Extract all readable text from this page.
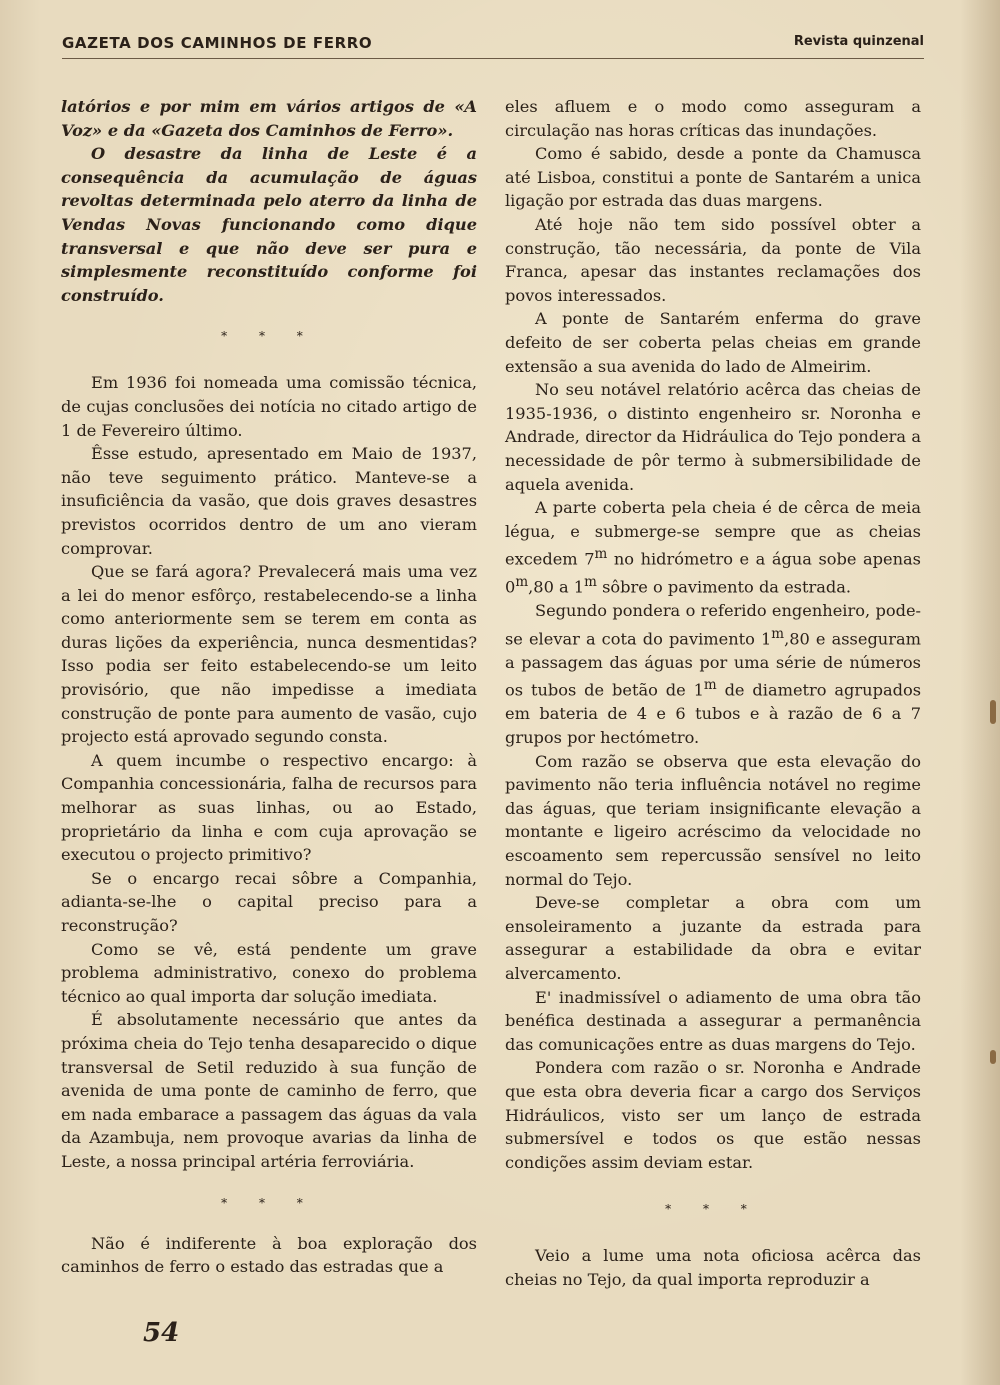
GAZETA DOS CAMINHOS DE FERRO	Revista quinzenal

latórios e por mim em vários artigos de «A Voz» e da «Gazeta dos Caminhos de Ferro».

O desastre da linha de Leste é a consequência da acumulação de águas revoltas determinada pelo aterro da linha de Vendas Novas funcionando como dique transversal e que não deve ser pura e simplesmente reconstituído conforme foi construído.

* * *

Em 1936 foi nomeada uma comissão técnica, de cujas conclusões dei notícia no citado artigo de 1 de Fevereiro último.

Êsse estudo, apresentado em Maio de 1937, não teve seguimento prático. Manteve-se a insuficiência da vasão, que dois graves desastres previstos ocorridos dentro de um ano vieram comprovar.

Que se fará agora? Prevalecerá mais uma vez a lei do menor esfôrço, restabelecendo-se a linha como anteriormente sem se terem em conta as duras lições da experiência, nunca desmentidas? Isso podia ser feito estabelecendo-se um leito provisório, que não impedisse a imediata construção de ponte para aumento de vasão, cujo projecto está aprovado segundo consta.

A quem incumbe o respectivo encargo: à Companhia concessionária, falha de recursos para melhorar as suas linhas, ou ao Estado, proprietário da linha e com cuja aprovação se executou o projecto primitivo?

Se o encargo recai sôbre a Companhia, adianta-se-lhe o capital preciso para a reconstrução?

Como se vê, está pendente um grave problema administrativo, conexo do problema técnico ao qual importa dar solução imediata.

É absolutamente necessário que antes da próxima cheia do Tejo tenha desaparecido o dique transversal de Setil reduzido à sua função de avenida de uma ponte de caminho de ferro, que em nada embarace a passagem das águas da vala da Azambuja, nem provoque avarias da linha de Leste, a nossa principal artéria ferroviária.

* * *

Não é indiferente à boa exploração dos caminhos de ferro o estado das estradas que a

eles afluem e o modo como asseguram a circulação nas horas críticas das inundações.

Como é sabido, desde a ponte da Chamusca até Lisboa, constitui a ponte de Santarém a unica ligação por estrada das duas margens.

Até hoje não tem sido possível obter a construção, tão necessária, da ponte de Vila Franca, apesar das instantes reclamações dos povos interessados.

A ponte de Santarém enferma do grave defeito de ser coberta pelas cheias em grande extensão a sua avenida do lado de Almeirim.

No seu notável relatório acêrca das cheias de 1935-1936, o distinto engenheiro sr. Noronha e Andrade, director da Hidráulica do Tejo pondera a necessidade de pôr termo à submersibilidade de aquela avenida.

A parte coberta pela cheia é de cêrca de meia légua, e submerge-se sempre que as cheias excedem 7$^m$ no hidrómetro e a água sobe apenas 0$^m$,80 a 1$^m$ sôbre o pavimento da estrada.

Segundo pondera o referido engenheiro, pode-se elevar a cota do pavimento 1$^m$,80 e asseguram a passagem das águas por uma série de números os tubos de betão de 1$^m$ de diametro agrupados em bateria de 4 e 6 tubos e à razão de 6 a 7 grupos por hectómetro.

Com razão se observa que esta elevação do pavimento não teria influência notável no regime das águas, que teriam insignificante elevação a montante e ligeiro acréscimo da velocidade no escoamento sem repercussão sensível no leito normal do Tejo.

Deve-se completar a obra com um ensoleiramento a juzante da estrada para assegurar a estabilidade da obra e evitar alvercamento.

E' inadmissível o adiamento de uma obra tão benéfica destinada a assegurar a permanência das comunicações entre as duas margens do Tejo.

Pondera com razão o sr. Noronha e Andrade que esta obra deveria ficar a cargo dos Serviços Hidráulicos, visto ser um lanço de estrada submersível e todos os que estão nessas condições assim deviam estar.

* * *

Veio a lume uma nota oficiosa acêrca das cheias no Tejo, da qual importa reproduzir a

54
